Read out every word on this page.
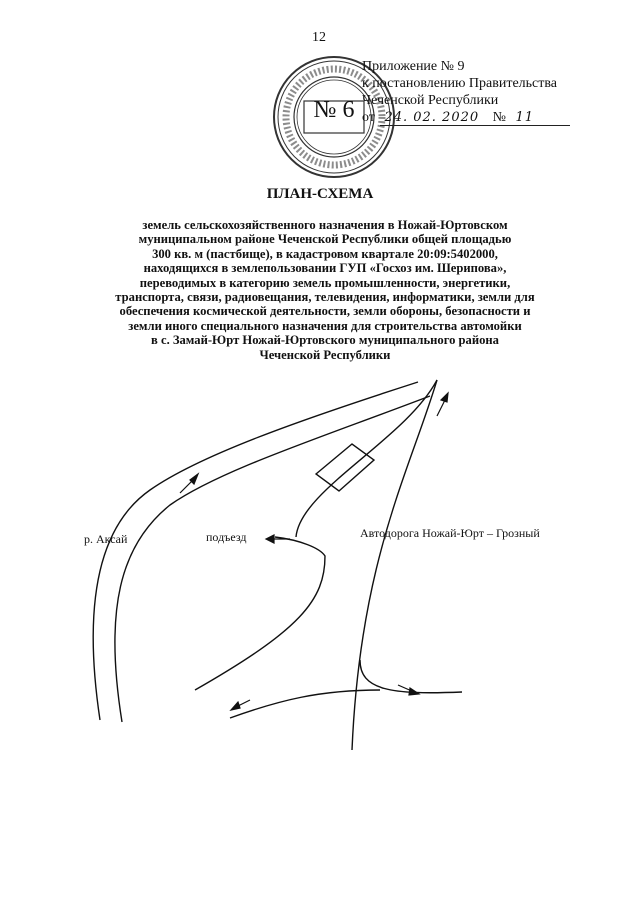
12
№ 6
Приложение № 9
к постановлению Правительства
Чеченской Республики
от 24. 02. 2020 № 11
ПЛАН-СХЕМА
земель сельскохозяйственного назначения в Ножай-Юртовском
муниципальном районе Чеченской Республики общей площадью
300 кв. м (пастбище), в кадастровом квартале 20:09:5402000,
находящихся в землепользовании ГУП «Госхоз им. Шерипова»,
переводимых в категорию земель промышленности, энергетики,
транспорта, связи, радиовещания, телевидения, информатики, земли для
обеспечения космической деятельности, земли обороны, безопасности и
земли иного специального назначения для строительства автомойки
в с. Замай-Юрт Ножай-Юртовского муниципального района
Чеченской Республики
р. Аксай	подъезд	Автодорога Ножай-Юрт – Грозный
